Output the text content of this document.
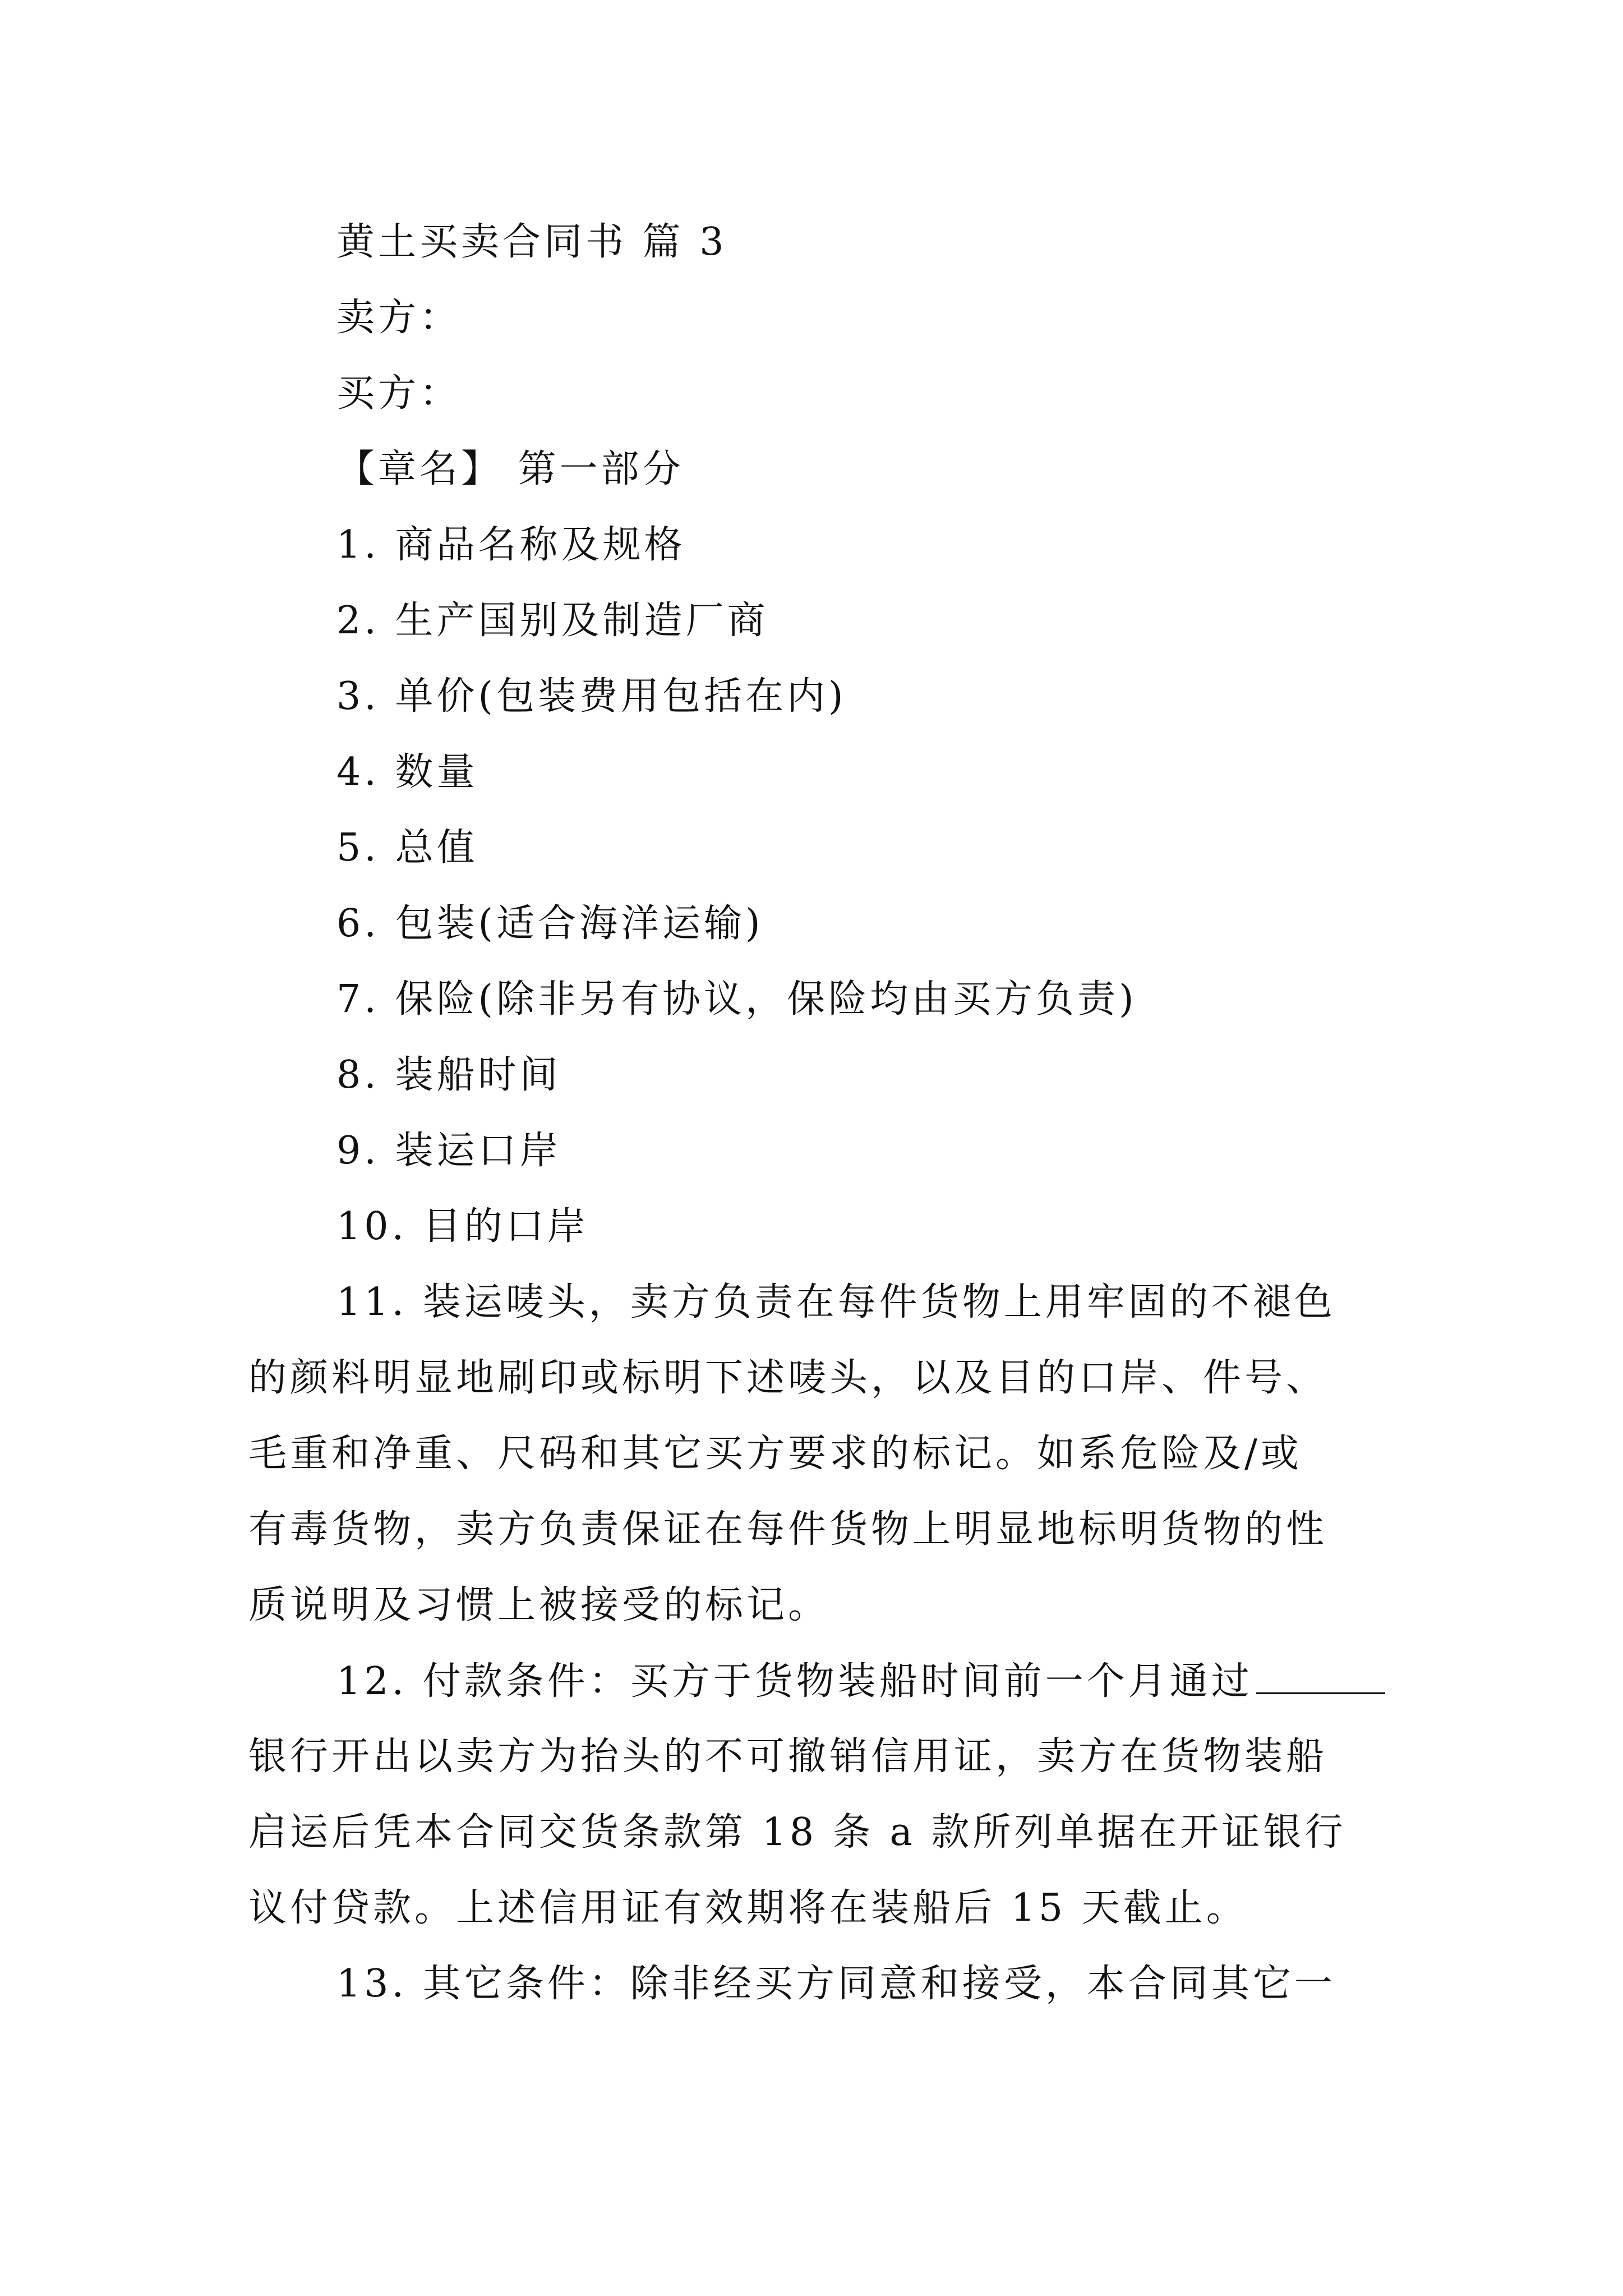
黄土买卖合同书 篇 3
卖方：
买方：
【章名】 第一部分
1. 商品名称及规格
2. 生产国别及制造厂商
3. 单价(包装费用包括在内)
4. 数量
5. 总值
6. 包装(适合海洋运输)
7. 保险(除非另有协议，保险均由买方负责)
8. 装船时间
9. 装运口岸
10. 目的口岸
11. 装运唛头，卖方负责在每件货物上用牢固的不褪色
的颜料明显地刷印或标明下述唛头，以及目的口岸、件号、
毛重和净重、尺码和其它买方要求的标记。如系危险及/或
有毒货物，卖方负责保证在每件货物上明显地标明货物的性
质说明及习惯上被接受的标记。
12. 付款条件：买方于货物装船时间前一个月通过
银行开出以卖方为抬头的不可撤销信用证，卖方在货物装船
启运后凭本合同交货条款第 18 条 a 款所列单据在开证银行
议付贷款。上述信用证有效期将在装船后 15 天截止。
13. 其它条件：除非经买方同意和接受，本合同其它一
